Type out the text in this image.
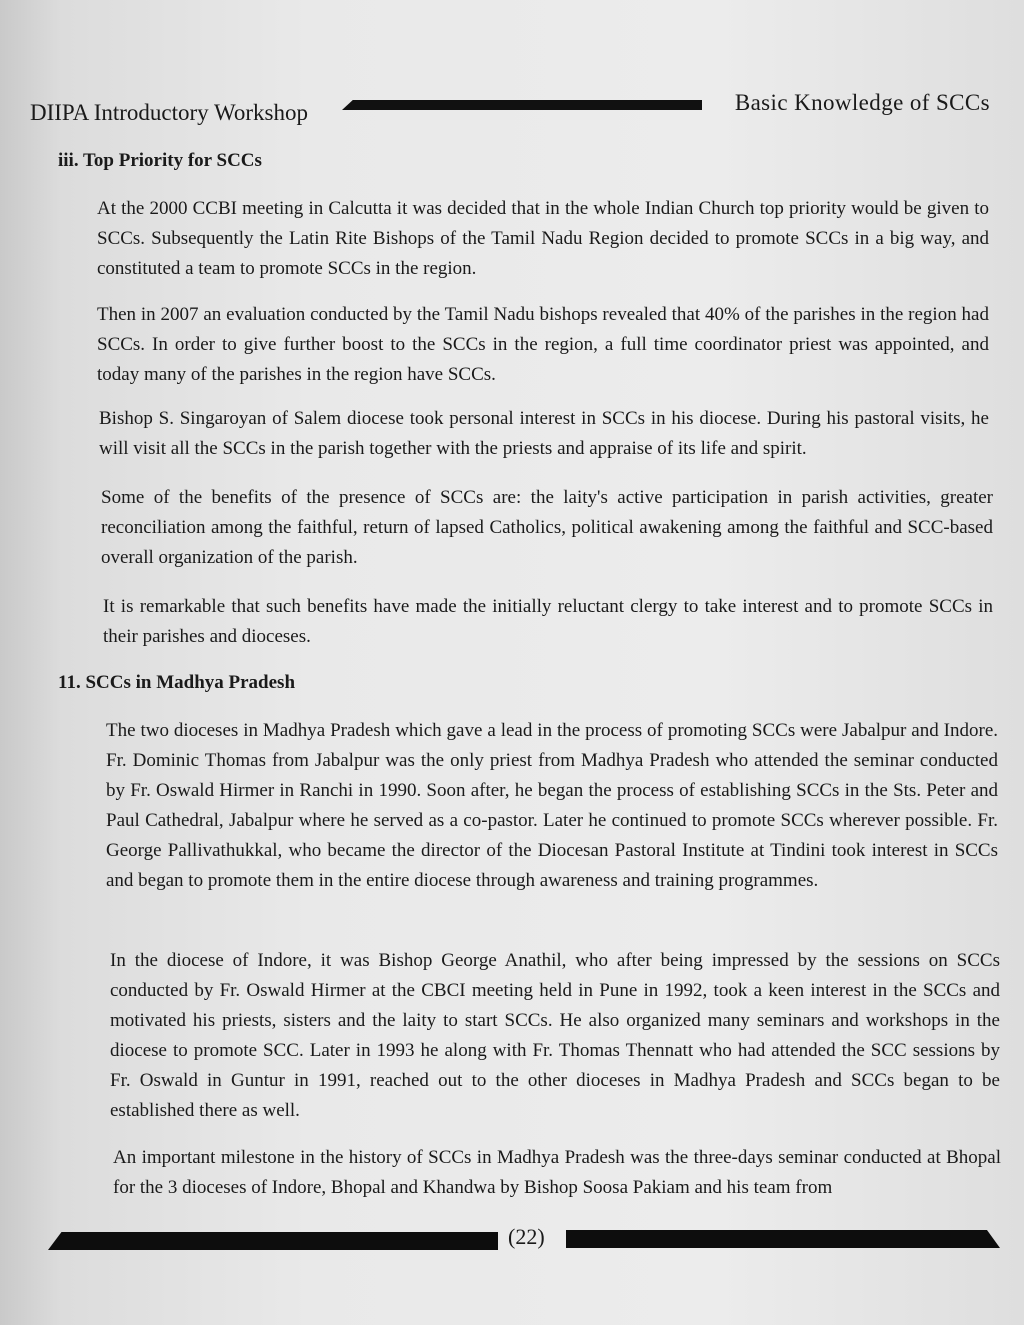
DIIPA Introductory Workshop	Basic Knowledge of SCCs
iii. Top Priority for SCCs
At the 2000 CCBI meeting in Calcutta it was decided that in the whole Indian Church top priority would be given to SCCs. Subsequently the Latin Rite Bishops of the Tamil Nadu Region decided to promote SCCs in a big way, and constituted a team to promote SCCs in the region.
Then in 2007 an evaluation conducted by the Tamil Nadu bishops revealed that 40% of the parishes in the region had SCCs. In order to give further boost to the SCCs in the region, a full time coordinator priest was appointed, and today many of the parishes in the region have SCCs.
Bishop S. Singaroyan of Salem diocese took personal interest in SCCs in his diocese. During his pastoral visits, he will visit all the SCCs in the parish together with the priests and appraise of its life and spirit.
Some of the benefits of the presence of SCCs are: the laity's active participation in parish activities, greater reconciliation among the faithful, return of lapsed Catholics, political awakening among the faithful and SCC-based overall organization of the parish.
It is remarkable that such benefits have made the initially reluctant clergy to take interest and to promote SCCs in their parishes and dioceses.
11. SCCs in Madhya Pradesh
The two dioceses in Madhya Pradesh which gave a lead in the process of promoting SCCs were Jabalpur and Indore. Fr. Dominic Thomas from Jabalpur was the only priest from Madhya Pradesh who attended the seminar conducted by Fr. Oswald Hirmer in Ranchi in 1990. Soon after, he began the process of establishing SCCs in the Sts. Peter and Paul Cathedral, Jabalpur where he served as a co-pastor. Later he continued to promote SCCs wherever possible. Fr. George Pallivathukkal, who became the director of the Diocesan Pastoral Institute at Tindini took interest in SCCs and began to promote them in the entire diocese through awareness and training programmes.
In the diocese of Indore, it was Bishop George Anathil, who after being impressed by the sessions on SCCs conducted by Fr. Oswald Hirmer at the CBCI meeting held in Pune in 1992, took a keen interest in the SCCs and motivated his priests, sisters and the laity to start SCCs. He also organized many seminars and workshops in the diocese to promote SCC. Later in 1993 he along with Fr. Thomas Thennatt who had attended the SCC sessions by Fr. Oswald in Guntur in 1991, reached out to the other dioceses in Madhya Pradesh and SCCs began to be established there as well.
An important milestone in the history of SCCs in Madhya Pradesh was the three-days seminar conducted at Bhopal for the 3 dioceses of Indore, Bhopal and Khandwa by Bishop Soosa Pakiam and his team from
(22)
